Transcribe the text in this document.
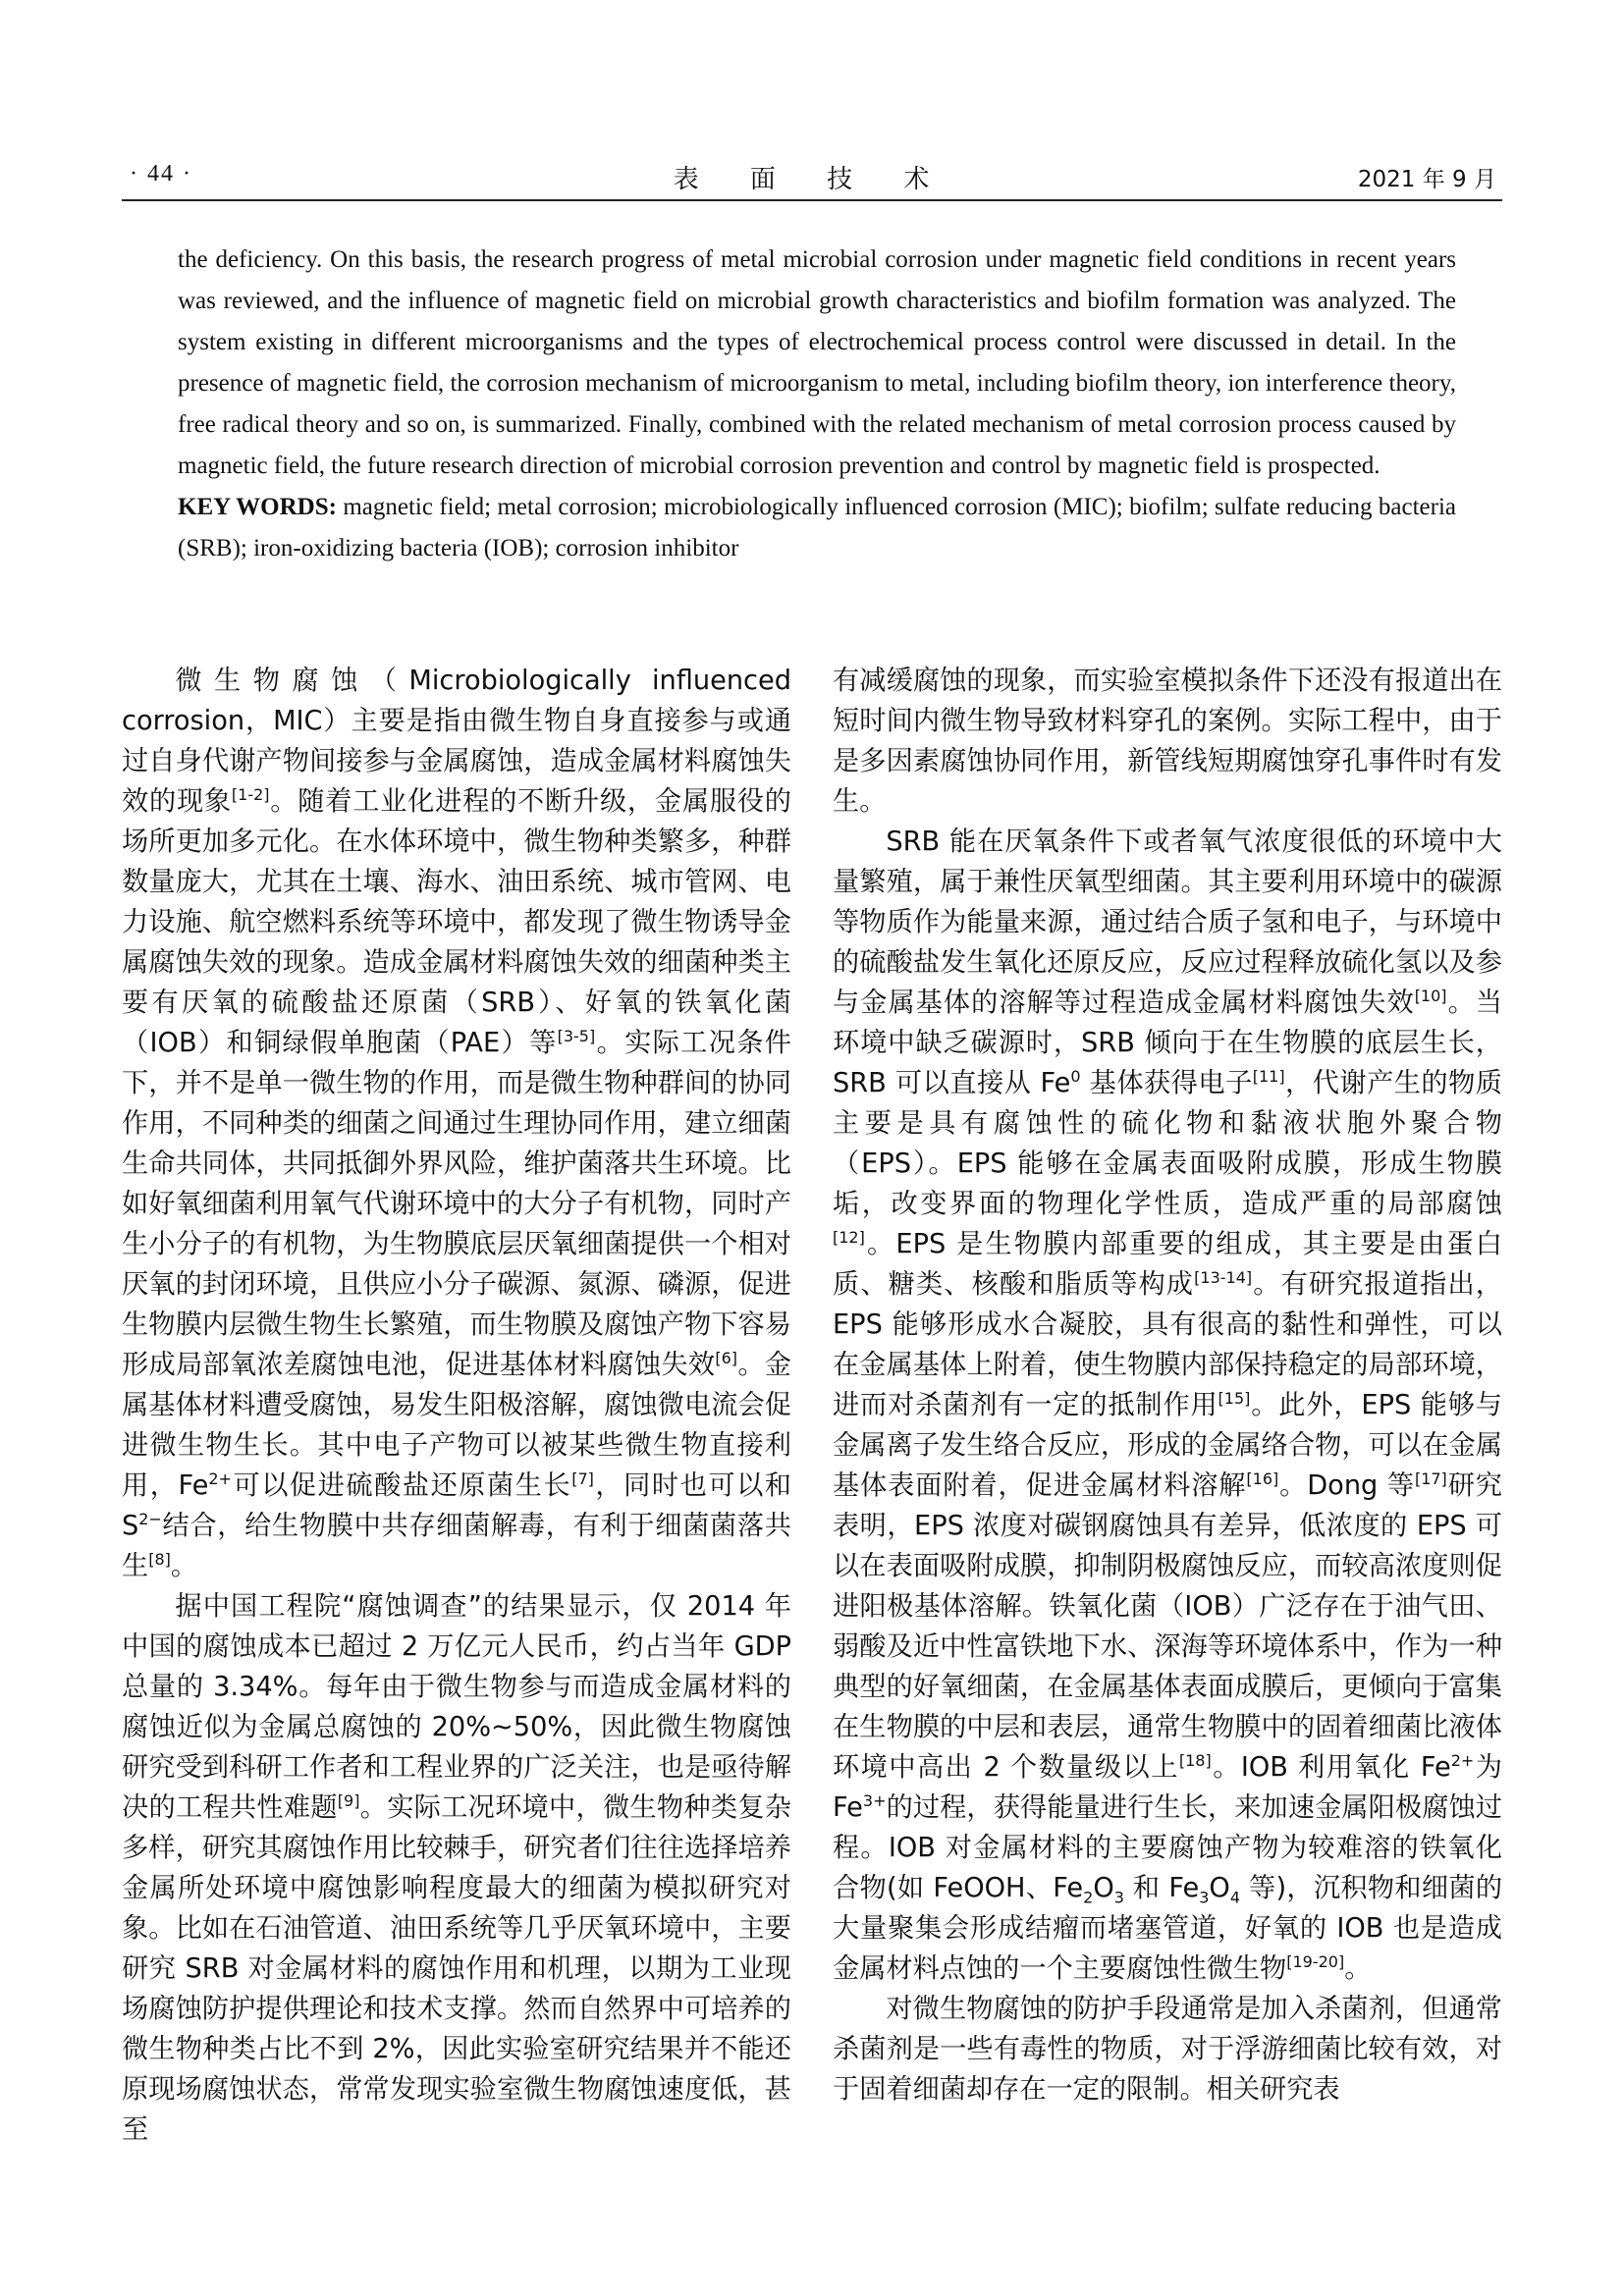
· 44 ·	表 面 技 术	2021 年 9 月

the deficiency. On this basis, the research progress of metal microbial corrosion under magnetic field conditions in recent years was reviewed, and the influence of magnetic field on microbial growth characteristics and biofilm formation was analyzed. The system existing in different microorganisms and the types of electrochemical process control were discussed in detail. In the presence of magnetic field, the corrosion mechanism of microorganism to metal, including biofilm theory, ion interference theory, free radical theory and so on, is summarized. Finally, combined with the related mechanism of metal corrosion process caused by magnetic field, the future research direction of microbial corrosion prevention and control by magnetic field is prospected.

KEY WORDS: magnetic field; metal corrosion; microbiologically influenced corrosion (MIC); biofilm; sulfate reducing bacteria (SRB); iron-oxidizing bacteria (IOB); corrosion inhibitor

微生物腐蚀（Microbiologically influenced corrosion，MIC）主要是指由微生物自身直接参与或通过自身代谢产物间接参与金属腐蚀，造成金属材料腐蚀失效的现象[1-2]。随着工业化进程的不断升级，金属服役的场所更加多元化。在水体环境中，微生物种类繁多，种群数量庞大，尤其在土壤、海水、油田系统、城市管网、电力设施、航空燃料系统等环境中，都发现了微生物诱导金属腐蚀失效的现象。造成金属材料腐蚀失效的细菌种类主要有厌氧的硫酸盐还原菌（SRB）、好氧的铁氧化菌（IOB）和铜绿假单胞菌（PAE）等[3-5]。实际工况条件下，并不是单一微生物的作用，而是微生物种群间的协同作用，不同种类的细菌之间通过生理协同作用，建立细菌生命共同体，共同抵御外界风险，维护菌落共生环境。比如好氧细菌利用氧气代谢环境中的大分子有机物，同时产生小分子的有机物，为生物膜底层厌氧细菌提供一个相对厌氧的封闭环境，且供应小分子碳源、氮源、磷源，促进生物膜内层微生物生长繁殖，而生物膜及腐蚀产物下容易形成局部氧浓差腐蚀电池，促进基体材料腐蚀失效[6]。金属基体材料遭受腐蚀，易发生阳极溶解，腐蚀微电流会促进微生物生长。其中电子产物可以被某些微生物直接利用，$Fe^{2+}$可以促进硫酸盐还原菌生长[7]，同时也可以和 $S^{2-}$结合，给生物膜中共存细菌解毒，有利于细菌菌落共生[8]。

据中国工程院“腐蚀调查”的结果显示，仅 2014 年中国的腐蚀成本已超过 2 万亿元人民币，约占当年 GDP 总量的 3.34%。每年由于微生物参与而造成金属材料的腐蚀近似为金属总腐蚀的 20%~50%，因此微生物腐蚀研究受到科研工作者和工程业界的广泛关注，也是亟待解决的工程共性难题[9]。实际工况环境中，微生物种类复杂多样，研究其腐蚀作用比较棘手，研究者们往往选择培养金属所处环境中腐蚀影响程度最大的细菌为模拟研究对象。比如在石油管道、油田系统等几乎厌氧环境中，主要研究 SRB 对金属材料的腐蚀作用和机理，以期为工业现场腐蚀防护提供理论和技术支撑。然而自然界中可培养的微生物种类占比不到 2%，因此实验室研究结果并不能还原现场腐蚀状态，常常发现实验室微生物腐蚀速度低，甚至

有减缓腐蚀的现象，而实验室模拟条件下还没有报道出在短时间内微生物导致材料穿孔的案例。实际工程中，由于是多因素腐蚀协同作用，新管线短期腐蚀穿孔事件时有发生。

SRB 能在厌氧条件下或者氧气浓度很低的环境中大量繁殖，属于兼性厌氧型细菌。其主要利用环境中的碳源等物质作为能量来源，通过结合质子氢和电子，与环境中的硫酸盐发生氧化还原反应，反应过程释放硫化氢以及参与金属基体的溶解等过程造成金属材料腐蚀失效[10]。当环境中缺乏碳源时，SRB 倾向于在生物膜的底层生长，SRB 可以直接从 Fe$^0$ 基体获得电子[11]，代谢产生的物质主要是具有腐蚀性的硫化物和黏液状胞外聚合物（EPS）。EPS 能够在金属表面吸附成膜，形成生物膜垢，改变界面的物理化学性质，造成严重的局部腐蚀[12]。EPS 是生物膜内部重要的组成，其主要是由蛋白质、糖类、核酸和脂质等构成[13-14]。有研究报道指出，EPS 能够形成水合凝胶，具有很高的黏性和弹性，可以在金属基体上附着，使生物膜内部保持稳定的局部环境，进而对杀菌剂有一定的抵制作用[15]。此外，EPS 能够与金属离子发生络合反应，形成的金属络合物，可以在金属基体表面附着，促进金属材料溶解[16]。Dong 等[17]研究表明，EPS 浓度对碳钢腐蚀具有差异，低浓度的 EPS 可以在表面吸附成膜，抑制阴极腐蚀反应，而较高浓度则促进阳极基体溶解。铁氧化菌（IOB）广泛存在于油气田、弱酸及近中性富铁地下水、深海等环境体系中，作为一种典型的好氧细菌，在金属基体表面成膜后，更倾向于富集在生物膜的中层和表层，通常生物膜中的固着细菌比液体环境中高出 2 个数量级以上[18]。IOB 利用氧化 $Fe^{2+}$为 $Fe^{3+}$的过程，获得能量进行生长，来加速金属阳极腐蚀过程。IOB 对金属材料的主要腐蚀产物为较难溶的铁氧化合物(如 FeOOH、$Fe_2O_3$ 和 $Fe_3O_4$ 等)，沉积物和细菌的大量聚集会形成结瘤而堵塞管道，好氧的 IOB 也是造成金属材料点蚀的一个主要腐蚀性微生物[19-20]。

对微生物腐蚀的防护手段通常是加入杀菌剂，但通常杀菌剂是一些有毒性的物质，对于浮游细菌比较有效，对于固着细菌却存在一定的限制。相关研究表
